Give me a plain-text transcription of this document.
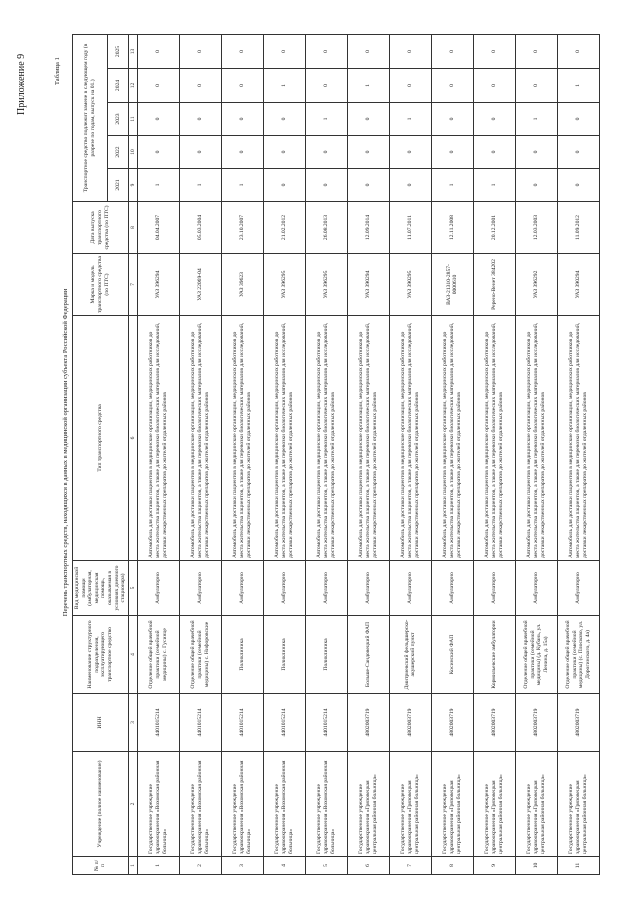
Приложение 9	Таблица 1
Перечень транспортных средств, находящихся в данных в медицинской организации субъекта Российской Федерации
№ п/п	Учреждение (полное наименование)	ИНН	Наименование структурного подразделения, эксплуатирующего транспортное средство	Вид медицинской помощи (амбулаторная, медицинская помощь, оказываемая в условиях дневного стационара)	Тип транспортного средства	Марка и модель транспортного средства (по ПТС)	Дата выпуска транспортного средства (по ПТС)	Транспортное средство подлежит замене в следующем году (в разрезе по годам, выпуск на 01.)				
								2021	2022	2023	2024	2025
1	2	3	4	5	6	7	8	9	10	11	12	13
1	Государственное учреждение здравоохранения «Вохомская районная больница»	4401015214	Отделение общей врачебной практики (семейной медицины) с. Гусинце	Амбулаторно	Автомобиль для доставки пациентов в медицинские организации, медицинских работников до места жительства пациентов, а также для перевозки биологических материалов для исследований, доставки лекарственных препаратов до жителей отдаленных районов	УАЗ 396294	04.04.2007	1	0	0	0	0
2	Государственное учреждение здравоохранения «Вохомская районная больница»	4401015214	Отделение общей врачебной практики (семейной медицины) с. Нифоровские	Амбулаторно	Автомобиль для доставки пациентов в медицинские организации, медицинских работников до места жительства пациентов, а также для перевозки биологических материалов для исследований, доставки лекарственных препаратов до жителей отдаленных районов	УАЗ 22069-04	05.03.2004	1	0	0	0	0
3	Государственное учреждение здравоохранения «Вохомская районная больница»	4401015214	Поликлиника	Амбулаторно	Автомобиль для доставки пациентов в медицинские организации, медицинских работников до места жительства пациентов, а также для перевозки биологических материалов для исследований, доставки лекарственных препаратов до жителей отдаленных районов	УАЗ 39623	23.10.2007	1	0	0	0	0
4	Государственное учреждение здравоохранения «Вохомская районная больница»	4401015214	Поликлиника	Амбулаторно	Автомобиль для доставки пациентов в медицинские организации, медицинских работников до места жительства пациентов, а также для перевозки биологических материалов для исследований, доставки лекарственных препаратов до жителей отдаленных районов	УАЗ 396295	21.02.2012	0	0	0	1	0
5	Государственное учреждение здравоохранения «Вохомская районная больница»	4401015214	Поликлиника	Амбулаторно	Автомобиль для доставки пациентов в медицинские организации, медицинских работников до места жительства пациентов, а также для перевозки биологических материалов для исследований, доставки лекарственных препаратов до жителей отдаленных районов	УАЗ 396295	26.08.2013	0	0	1	0	0
6	Государственное учреждение здравоохранения «Грязовецкая центральная районная больница»	4802003719	Больше-Сандовецкий ФАП	Амбулаторно	Автомобиль для доставки пациентов в медицинские организации, медицинских работников до места жительства пациентов, а также для перевозки биологических материалов для исследований, доставки лекарственных препаратов до жителей отдаленных районов	УАЗ 390294	12.09.2014	0	0	0	1	0
7	Государственное учреждение здравоохранения «Грязовецкая центральная районная больница»	4802003719	Дмитриевский фельдшерско-акушерский пункт	Амбулаторно	Автомобиль для доставки пациентов в медицинские организации, медицинских работников до места жительства пациентов, а также для перевозки биологических материалов для исследований, доставки лекарственных препаратов до жителей отдаленных районов	УАЗ 390295	11.07.2011	0	0	1	0	0
8	Государственное учреждение здравоохранения «Грязовецкая центральная районная больница»	4802003719	Косинский ФАП	Амбулаторно	Автомобиль для доставки пациентов в медицинские организации, медицинских работников до места жительства пациентов, а также для перевозки биологических материалов для исследований, доставки лекарственных препаратов до жителей отдаленных районов	ВАЗ-21310-2857-0000610	12.11.2008	1	0	0	0	0
9	Государственное учреждение здравоохранения «Грязовецкая центральная районная больница»	4802003719	Кормильевские амбулатории	Амбулаторно	Автомобиль для доставки пациентов в медицинские организации, медицинских работников до места жительства пациентов, а также для перевозки биологических материалов для исследований, доставки лекарственных препаратов до жителей отдаленных районов	Ререно-Венет 384202	20.12.2001	1	0	0	0	0
10	Государственное учреждение здравоохранения «Грязовецкая центральная районная больница»	4802003719	Отделение общей врачебной практики (семейной медицины) (д. Кубань, ул. Ленина, д. 15а)	Амбулаторно	Автомобиль для доставки пациентов в медицинские организации, медицинских работников до места жительства пациентов, а также для перевозки биологических материалов для исследований, доставки лекарственных препаратов до жителей отдаленных районов	УАЗ 396292	12.03.2003	0	0	1	0	0
11	Государственное учреждение здравоохранения «Грязовецкая центральная районная больница»	4802003719	Отделение общей врачебной практики (семейной медицины) (с. Плосково, ул. Дорогинского, д. 4а)	Амбулаторно	Автомобиль для доставки пациентов в медицинские организации, медицинских работников до места жительства пациентов, а также для перевозки биологических материалов для исследований, доставки лекарственных препаратов до жителей отдаленных районов	УАЗ 390294	11.09.2012	0	0	0	1	0
